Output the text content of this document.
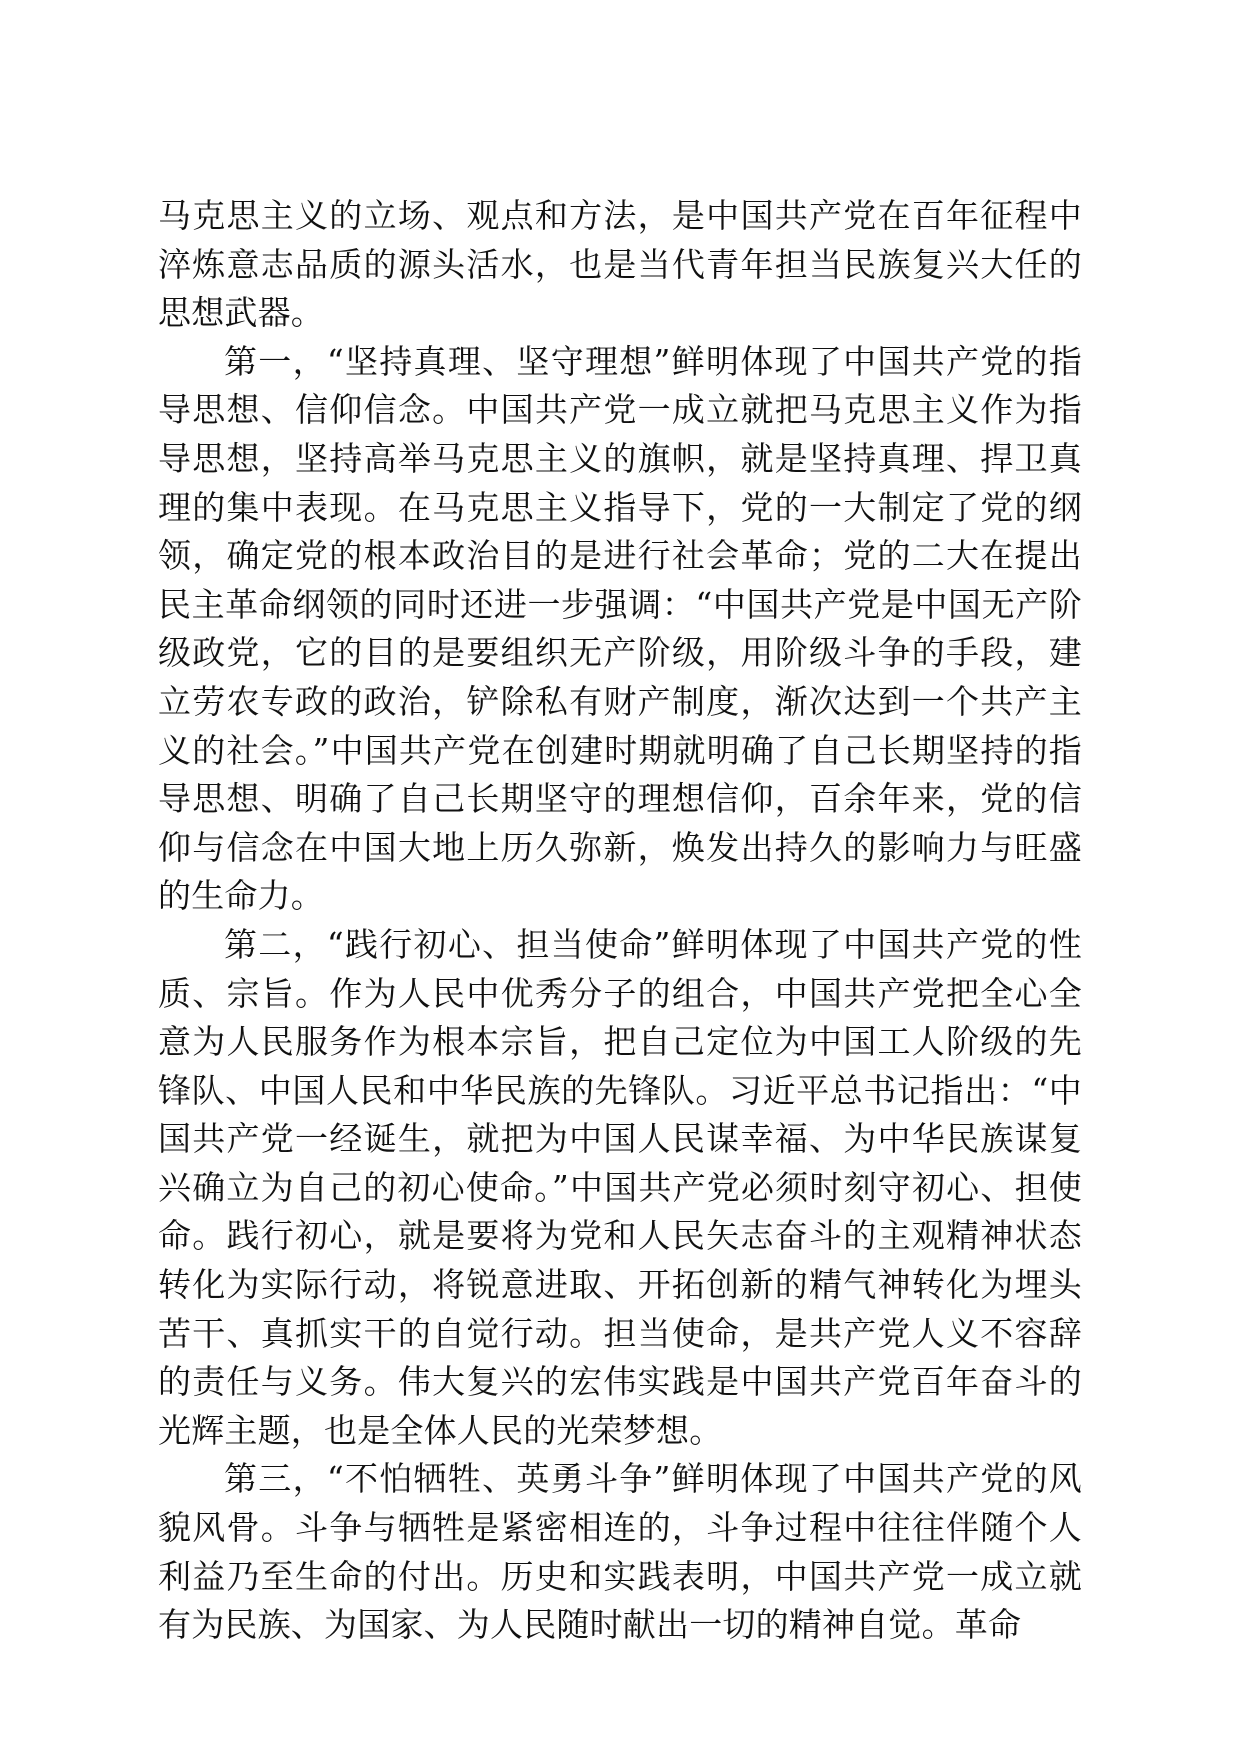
马克思主义的立场、观点和方法，是中国共产党在百年征程中淬炼意志品质的源头活水，也是当代青年担当民族复兴大任的思想武器。

第一，“坚持真理、坚守理想”鲜明体现了中国共产党的指导思想、信仰信念。中国共产党一成立就把马克思主义作为指导思想，坚持高举马克思主义的旗帜，就是坚持真理、捍卫真理的集中表现。在马克思主义指导下，党的一大制定了党的纲领，确定党的根本政治目的是进行社会革命；党的二大在提出民主革命纲领的同时还进一步强调：“中国共产党是中国无产阶级政党，它的目的是要组织无产阶级，用阶级斗争的手段，建立劳农专政的政治，铲除私有财产制度，渐次达到一个共产主义的社会。”中国共产党在创建时期就明确了自己长期坚持的指导思想、明确了自己长期坚守的理想信仰，百余年来，党的信仰与信念在中国大地上历久弥新，焕发出持久的影响力与旺盛的生命力。

第二，“践行初心、担当使命”鲜明体现了中国共产党的性质、宗旨。作为人民中优秀分子的组合，中国共产党把全心全意为人民服务作为根本宗旨，把自己定位为中国工人阶级的先锋队、中国人民和中华民族的先锋队。习近平总书记指出：“中国共产党一经诞生，就把为中国人民谋幸福、为中华民族谋复兴确立为自己的初心使命。”中国共产党必须时刻守初心、担使命。践行初心，就是要将为党和人民矢志奋斗的主观精神状态转化为实际行动，将锐意进取、开拓创新的精气神转化为埋头苦干、真抓实干的自觉行动。担当使命，是共产党人义不容辞的责任与义务。伟大复兴的宏伟实践是中国共产党百年奋斗的光辉主题，也是全体人民的光荣梦想。

第三，“不怕牺牲、英勇斗争”鲜明体现了中国共产党的风貌风骨。斗争与牺牲是紧密相连的，斗争过程中往往伴随个人利益乃至生命的付出。历史和实践表明，中国共产党一成立就有为民族、为国家、为人民随时献出一切的精神自觉。革命
